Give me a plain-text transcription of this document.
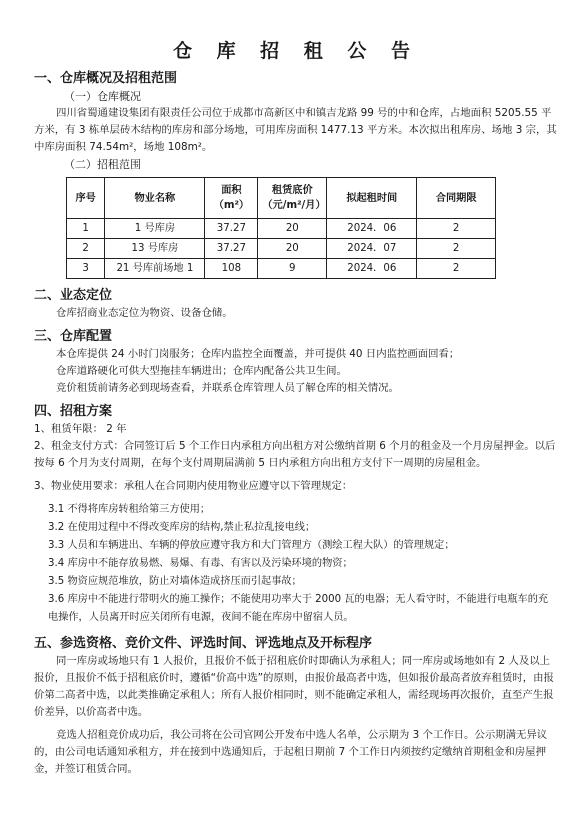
仓 库 招 租 公 告
一、仓库概况及招租范围
（一）仓库概况

四川省蜀通建设集团有限责任公司位于成都市高新区中和镇吉龙路 99 号的中和仓库，占地面积 5205.55 平方米，有 3 栋单层砖木结构的库房和部分场地，可用库房面积 1477.13 平方米。本次拟出租库房、场地 3 宗，其中库房面积 74.54m²，场地 108m²。

（二）招租范围
序号	物业名称	面积（m²）	租赁底价（元/m²/月）	拟起租时间	合同期限
1	1 号库房	37.27	20	2024．06	2
2	13 号库房	37.27	20	2024．07	2
3	21 号库前场地 1	108	9	2024．06	2
二、业态定位

仓库招商业态定位为物资、设备仓储。

三、仓库配置

本仓库提供 24 小时门岗服务；仓库内监控全面覆盖，并可提供 40 日内监控画面回看；

仓库道路硬化可供大型拖挂车辆进出；仓库内配备公共卫生间。

竞价租赁前请务必到现场查看，并联系仓库管理人员了解仓库的相关情况。

四、招租方案

1、租赁年限： 2 年

2、租金支付方式：合同签订后 5 个工作日内承租方向出租方对公缴纳首期 6 个月的租金及一个月房屋押金。以后按每 6 个月为支付周期，在每个支付周期届满前 5 日内承租方向出租方支付下一周期的房屋租金。

3、物业使用要求：承租人在合同期内使用物业应遵守以下管理规定：

3.1 不得将库房转租给第三方使用；

3.2 在使用过程中不得改变库房的结构,禁止私拉乱接电线；

3.3 人员和车辆进出、车辆的停放应遵守我方和大门管理方（测绘工程大队）的管理规定；

3.4 库房中不能存放易燃、易爆、有毒、有害以及污染环境的物资；

3.5 物资应规范堆放，防止对墙体造成挤压而引起事故；

3.6 库房中不能进行带明火的施工操作；不能使用功率大于 2000 瓦的电器；无人看守时，不能进行电瓶车的充电操作，人员离开时应关闭所有电源，夜间不能在库房中留宿人员。

五、参选资格、竞价文件、评选时间、评选地点及开标程序

同一库房或场地只有 1 人报价，且报价不低于招租底价时即确认为承租人；同一库房或场地如有 2 人及以上报价，且报价不低于招租底价时，遵循“价高中选”的原则，由报价最高者中选，但如报价最高者放弃租赁时，由报价第二高者中选，以此类推确定承租人；所有人报价相同时，则不能确定承租人，需经现场再次报价，直至产生报价差异，以价高者中选。

竞选人招租竞价成功后，我公司将在公司官网公开发布中选人名单，公示期为 3 个工作日。公示期满无异议的，由公司电话通知承租方，并在接到中选通知后，于起租日期前 7 个工作日内须按约定缴纳首期租金和房屋押金，并签订租赁合同。
